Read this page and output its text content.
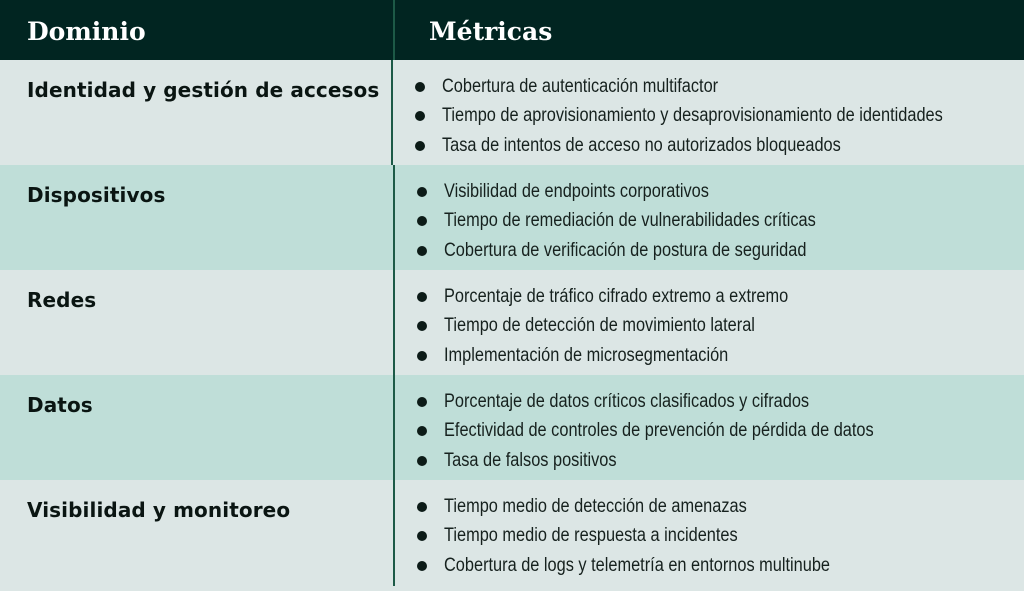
Dominio	Métricas
Identidad y gestión de accesos	Cobertura de autenticación multifactor
Tiempo de aprovisionamiento y desaprovisionamiento de identidades
Tasa de intentos de acceso no autorizados bloqueados
Dispositivos	Visibilidad de endpoints corporativos
Tiempo de remediación de vulnerabilidades críticas
Cobertura de verificación de postura de seguridad
Redes	Porcentaje de tráfico cifrado extremo a extremo
Tiempo de detección de movimiento lateral
Implementación de microsegmentación
Datos	Porcentaje de datos críticos clasificados y cifrados
Efectividad de controles de prevención de pérdida de datos
Tasa de falsos positivos
Visibilidad y monitoreo	Tiempo medio de detección de amenazas
Tiempo medio de respuesta a incidentes
Cobertura de logs y telemetría en entornos multinube
